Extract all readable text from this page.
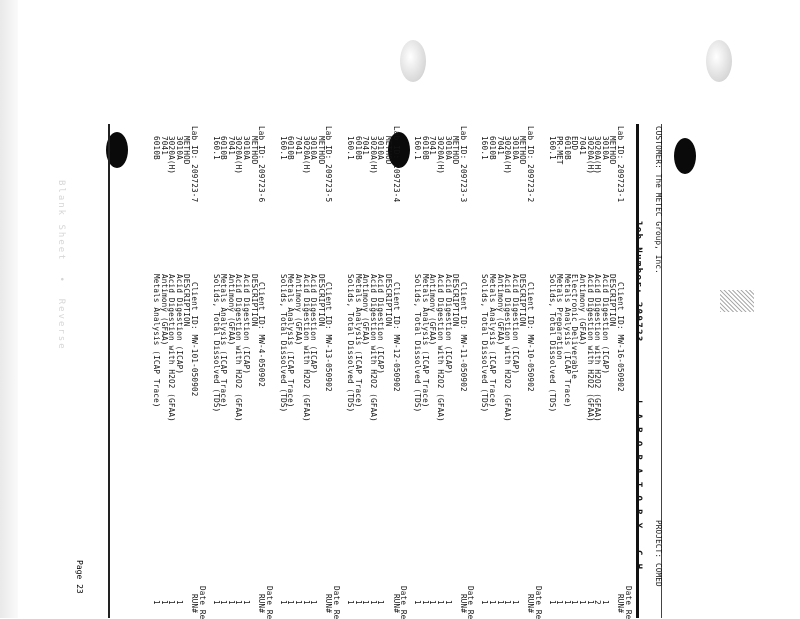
Blank Sheet  •  Reverse
Page 23
Job Number: 209723
L A B O R A T O R Y   C H
CUSTOMER: The METEC Group, Inc.
PROJECT: COMED
Lab ID: 209723-1
Client ID: MW-16-050902
Date Re
RUN#
METHOD
DESCRIPTION
3010A
Acid Digestion (ICAP)
1
3020A(H)
Acid Digestion with H2O2 (GFAA)
2
3020A(H)
Acid Digestion with H2O2 (GFAA)
1
7041
Antimony (GFAA)
1
EDD
Electronic Deliverable
1
6010B
Metals Analysis (ICAP Trace)
1
PR-MET
Metals Preparation
1
160.1
Solids, Total Dissolved (TDS)
1
Lab ID: 209723-2
Client ID: MW-10-050902
Date Re
RUN#
METHOD
DESCRIPTION
3010A
Acid Digestion (ICAP)
1
3020A(H)
Acid Digestion with H2O2 (GFAA)
1
7041
Antimony (GFAA)
1
6010B
Metals Analysis (ICAP Trace)
1
160.1
Solids, Total Dissolved (TDS)
1
Lab ID: 209723-3
Client ID: MW-11-050902
Date Re
RUN#
METHOD
DESCRIPTION
3010A
Acid Digestion (ICAP)
1
3020A(H)
Acid Digestion with H2O2 (GFAA)
1
7041
Antimony (GFAA)
1
6010B
Metals Analysis (ICAP Trace)
1
160.1
Solids, Total Dissolved (TDS)
1
Lab ID: 209723-4
Client ID: MW-12-050902
Date Re
RUN#
METHOD
DESCRIPTION
3010A
Acid Digestion (ICAP)
1
3020A(H)
Acid Digestion with H2O2 (GFAA)
1
7041
Antimony (GFAA)
1
6010B
Metals Analysis (ICAP Trace)
1
160.1
Solids, Total Dissolved (TDS)
1
Lab ID: 209723-5
Client ID: MW-13-050902
Date Re
RUN#
METHOD
DESCRIPTION
3010A
Acid Digestion (ICAP)
1
3020A(H)
Acid Digestion with H2O2 (GFAA)
1
7041
Antimony (GFAA)
1
6010B
Metals Analysis (ICAP Trace)
1
160.1
Solids, Total Dissolved (TDS)
1
Lab ID: 209723-6
Client ID: MW-4-050902
Date Re
RUN#
METHOD
DESCRIPTION
3010A
Acid Digestion (ICAP)
1
3020A(H)
Acid Digestion with H2O2 (GFAA)
1
7041
Antimony (GFAA)
1
6010B
Metals Analysis (ICAP Trace)
1
160.1
Solids, Total Dissolved (TDS)
1
Lab ID: 209723-7
Client ID: MW-101-050902
Date Re
RUN#
METHOD
DESCRIPTION
3010A
Acid Digestion (ICAP)
1
3020A(H)
Acid Digestion with H2O2 (GFAA)
1
7041
Antimony (GFAA)
1
6010B
Metals Analysis (ICAP Trace)
1
